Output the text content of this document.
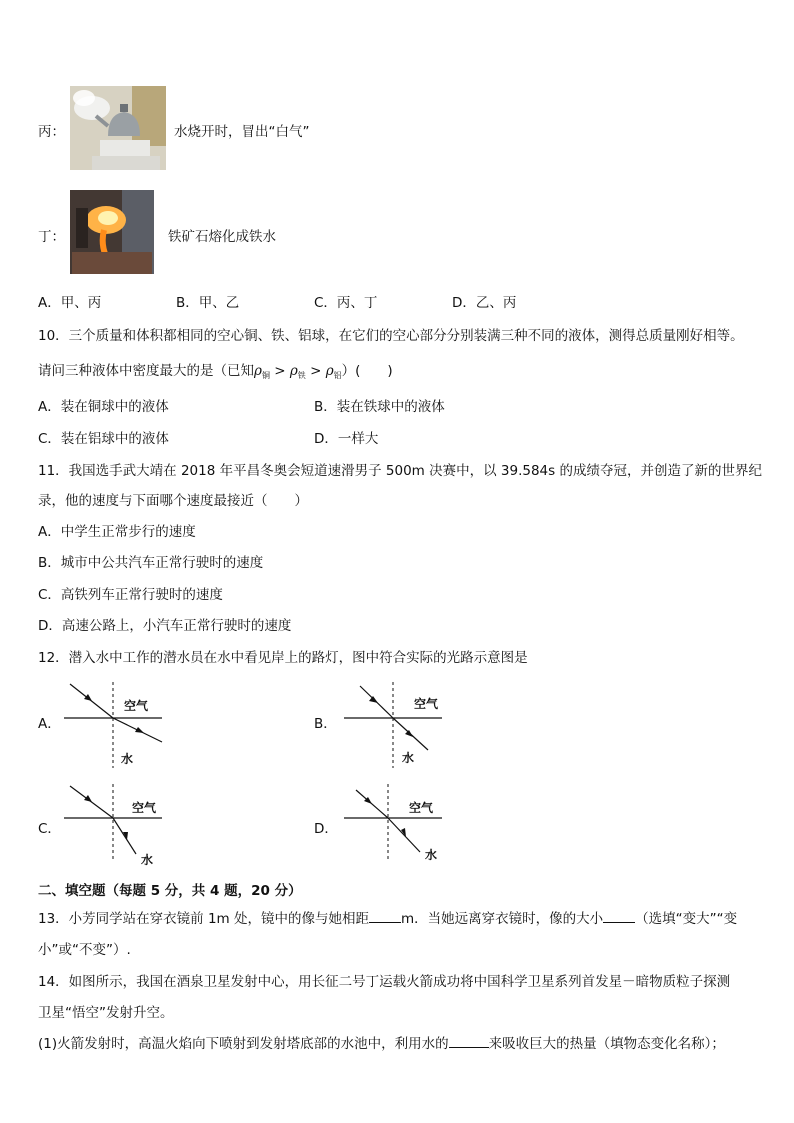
丙：	水烧开时，冒出“白气”
丁：	铁矿石熔化成铁水
A．甲、丙	B．甲、乙	C．丙、丁	D．乙、丙
10．三个质量和体积都相同的空心铜、铁、铝球，在它们的空心部分分别装满三种不同的液体，测得总质量刚好相等。
请问三种液体中密度最大的是（已知$\rho_铜 > \rho_铁 > \rho_铝$）(　　)
A．装在铜球中的液体	B．装在铁球中的液体
C．装在铝球中的液体	D．一样大
11．我国选手武大靖在 2018 年平昌冬奥会短道速滑男子 500m 决赛中，以 39.584s 的成绩夺冠，并创造了新的世界纪
录，他的速度与下面哪个速度最接近（　　）
A．中学生正常步行的速度
B．城市中公共汽车正常行驶时的速度
C．高铁列车正常行驶时的速度
D．高速公路上，小汽车正常行驶时的速度
12．潜入水中工作的潜水员在水中看见岸上的路灯，图中符合实际的光路示意图是
A．
空气
水
B．
空气
水
C．
空气
水
D．
空气
水
二、填空题（每题 5 分，共 4 题，20 分）
13．小芳同学站在穿衣镜前 1m 处，镜中的像与她相距 m．当她远离穿衣镜时，像的大小 （选填“变大”“变
小”或“不变”）.
14．如图所示，我国在酒泉卫星发射中心，用长征二号丁运载火箭成功将中国科学卫星系列首发星－暗物质粒子探测
卫星“悟空”发射升空。
(1)火箭发射时，高温火焰向下喷射到发射塔底部的水池中，利用水的	来吸收巨大的热量（填物态变化名称）；
